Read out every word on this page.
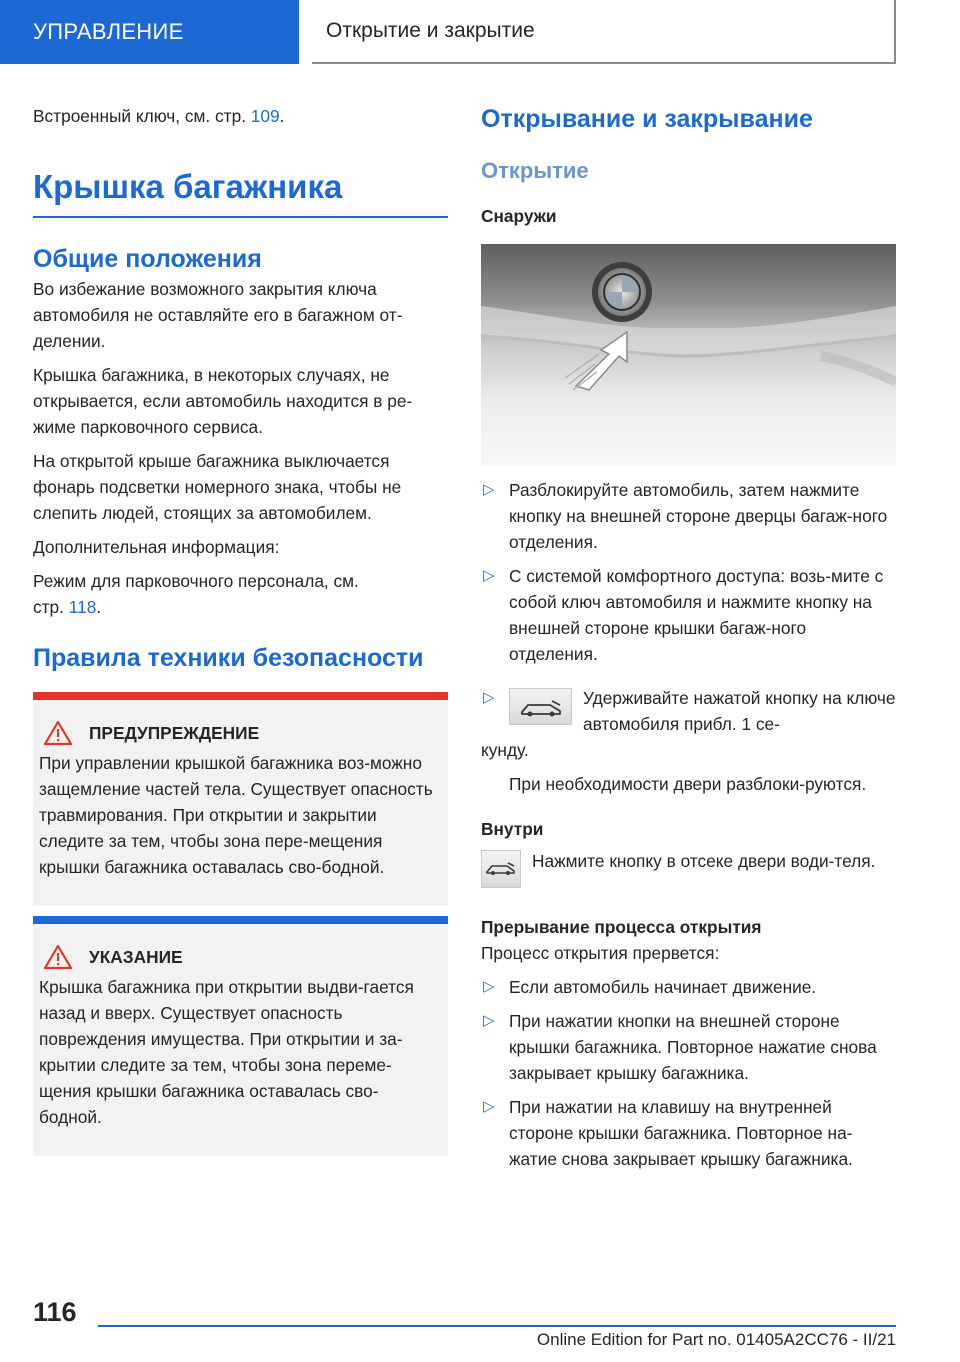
УПРАВЛЕНИЕ	Открытие и закрытие

Встроенный ключ, см. стр. 109.

Крышка багажника
Общие положения

Во избежание возможного закрытия ключа автомобиля не оставляйте его в багажном от-делении.

Крышка багажника, в некоторых случаях, не открывается, если автомобиль находится в ре-жиме парковочного сервиса.

На открытой крыше багажника выключается фонарь подсветки номерного знака, чтобы не слепить людей, стоящих за автомобилем.

Дополнительная информация:

Режим для парковочного персонала, см.

стр. 118.

Правила техники безопасности
ПРЕДУПРЕЖДЕНИЕ

При управлении крышкой багажника воз-можно защемление частей тела. Существует опасность травмирования. При открытии и закрытии следите за тем, чтобы зона пере-мещения крышки багажника оставалась сво-бодной.

УКАЗАНИЕ

Крышка багажника при открытии выдви-гается назад и вверх. Существует опасность повреждения имущества. При открытии и за-крытии следите за тем, чтобы зона переме-щения крышки багажника оставалась сво-бодной.

Открывание и закрывание
Открытие
Снаружи
▷ Разблокируйте автомобиль, затем нажмите кнопку на внешней стороне дверцы багаж-ного отделения.
▷ С системой комфортного доступа: возь-мите с собой ключ автомобиля и нажмите кнопку на внешней стороне крышки багаж-ного отделения.
▷	Удерживайте нажатой кнопку на ключе автомобиля прибл. 1 се-
кунду.
При необходимости двери разблоки-руются.
Внутри

Нажмите кнопку в отсеке двери води-теля.

Прерывание процесса открытия

Процесс открытия прервется:

▷ Если автомобиль начинает движение.
▷ При нажатии кнопки на внешней стороне крышки багажника. Повторное нажатие снова закрывает крышку багажника.
▷ При нажатии на клавишу на внутренней стороне крышки багажника. Повторное на-жатие снова закрывает крышку багажника.
116
Online Edition for Part no. 01405A2CC76 - II/21
